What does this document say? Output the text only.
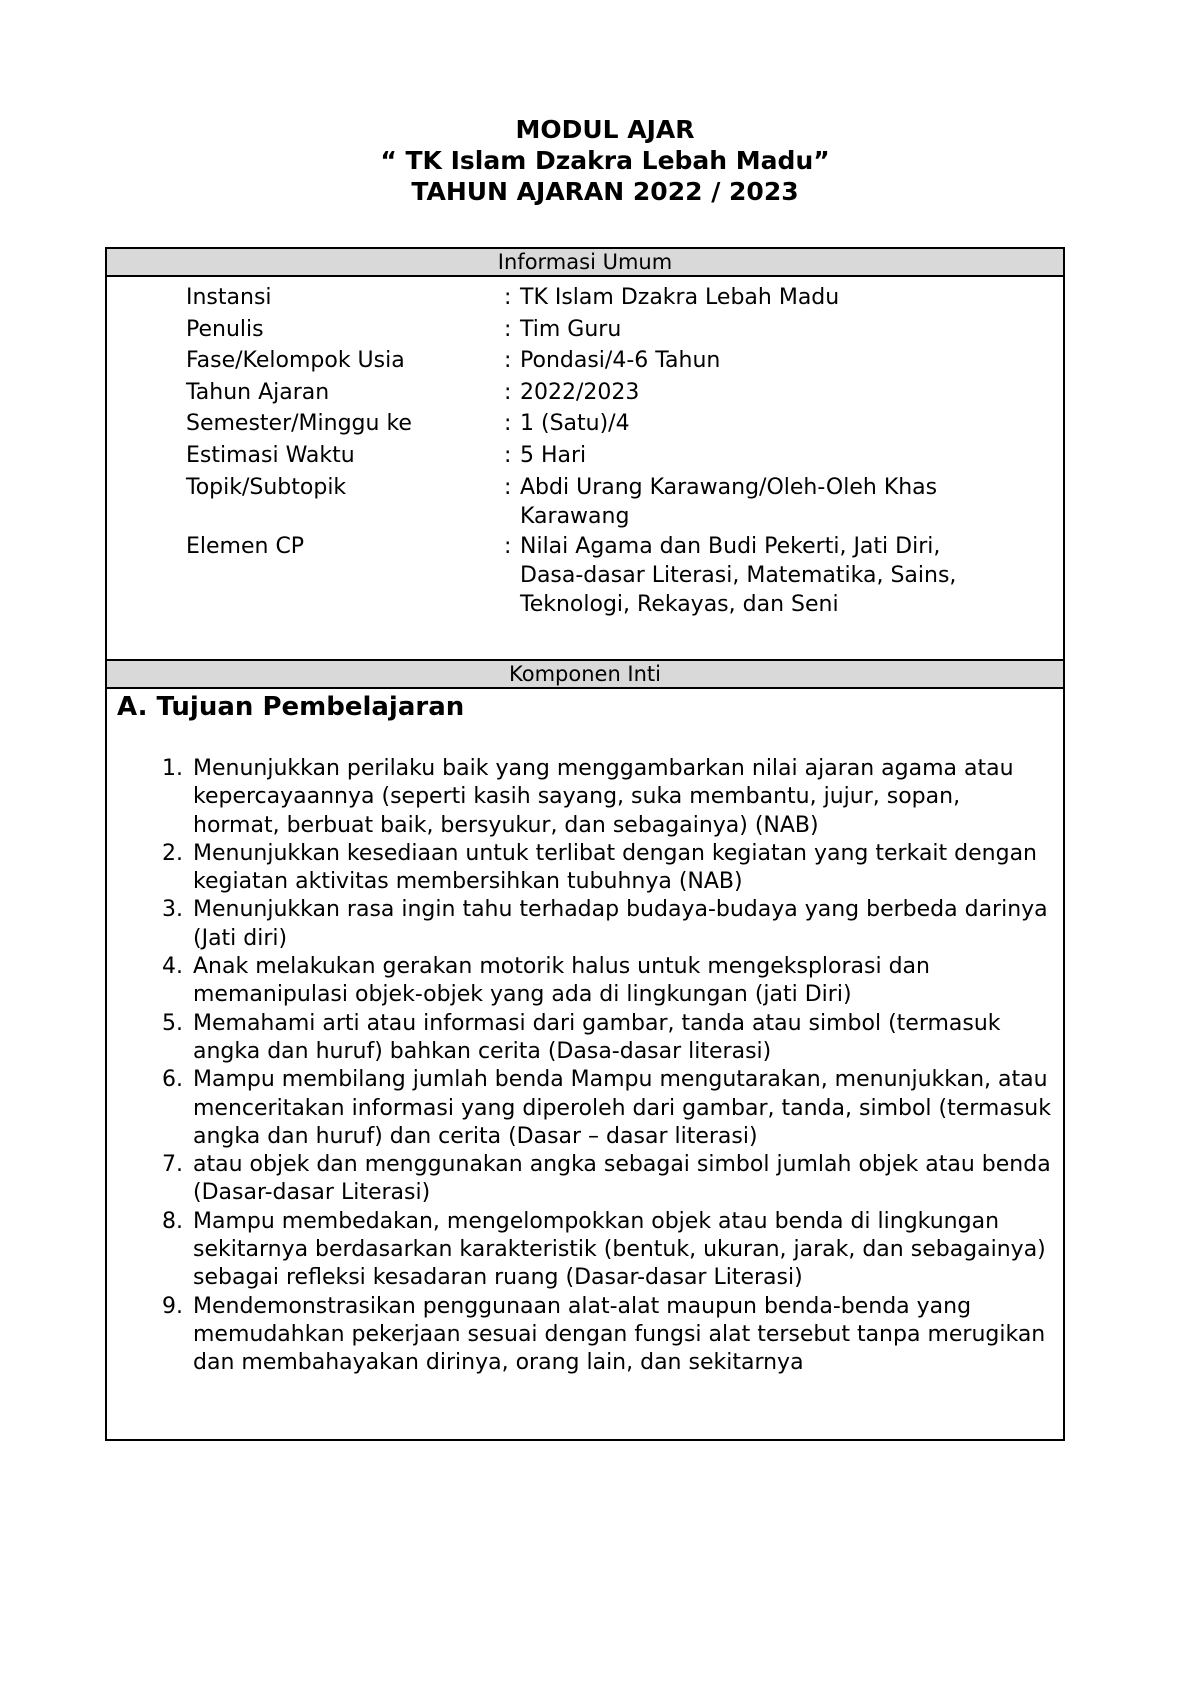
MODUL AJAR
“ TK Islam Dzakra Lebah Madu”
TAHUN AJARAN 2022 / 2023
Informasi Umum
Instansi	: TK Islam Dzakra Lebah Madu
Penulis	: Tim Guru
Fase/Kelompok Usia	: Pondasi/4-6 Tahun
Tahun Ajaran	: 2022/2023
Semester/Minggu ke	: 1 (Satu)/4
Estimasi Waktu	: 5 Hari
Topik/Subtopik	: Abdi Urang Karawang/Oleh-Oleh Khas Karawang
Elemen CP	: Nilai Agama dan Budi Pekerti, Jati Diri, Dasa-dasar Literasi, Matematika, Sains, Teknologi, Rekayas, dan Seni
Komponen Inti
A. Tujuan Pembelajaran
1. Menunjukkan perilaku baik yang menggambarkan nilai ajaran agama atau kepercayaannya (seperti kasih sayang, suka membantu, jujur, sopan, hormat, berbuat baik, bersyukur, dan sebagainya) (NAB)
2. Menunjukkan kesediaan untuk terlibat dengan kegiatan yang terkait dengan kegiatan aktivitas membersihkan tubuhnya (NAB)
3. Menunjukkan rasa ingin tahu terhadap budaya-budaya yang berbeda darinya (Jati diri)
4. Anak melakukan gerakan motorik halus untuk mengeksplorasi dan memanipulasi objek-objek yang ada di lingkungan (jati Diri)
5. Memahami arti atau informasi dari gambar, tanda atau simbol (termasuk angka dan huruf) bahkan cerita (Dasa-dasar literasi)
6. Mampu membilang jumlah benda Mampu mengutarakan, menunjukkan, atau menceritakan informasi yang diperoleh dari gambar, tanda, simbol (termasuk angka dan huruf) dan cerita (Dasar – dasar literasi)
7. atau objek dan menggunakan angka sebagai simbol jumlah objek atau benda (Dasar-dasar Literasi)
8. Mampu membedakan, mengelompokkan objek atau benda di lingkungan sekitarnya berdasarkan karakteristik (bentuk, ukuran, jarak, dan sebagainya) sebagai refleksi kesadaran ruang (Dasar-dasar Literasi)
9. Mendemonstrasikan penggunaan alat-alat maupun benda-benda yang memudahkan pekerjaan sesuai dengan fungsi alat tersebut tanpa merugikan dan membahayakan dirinya, orang lain, dan sekitarnya
